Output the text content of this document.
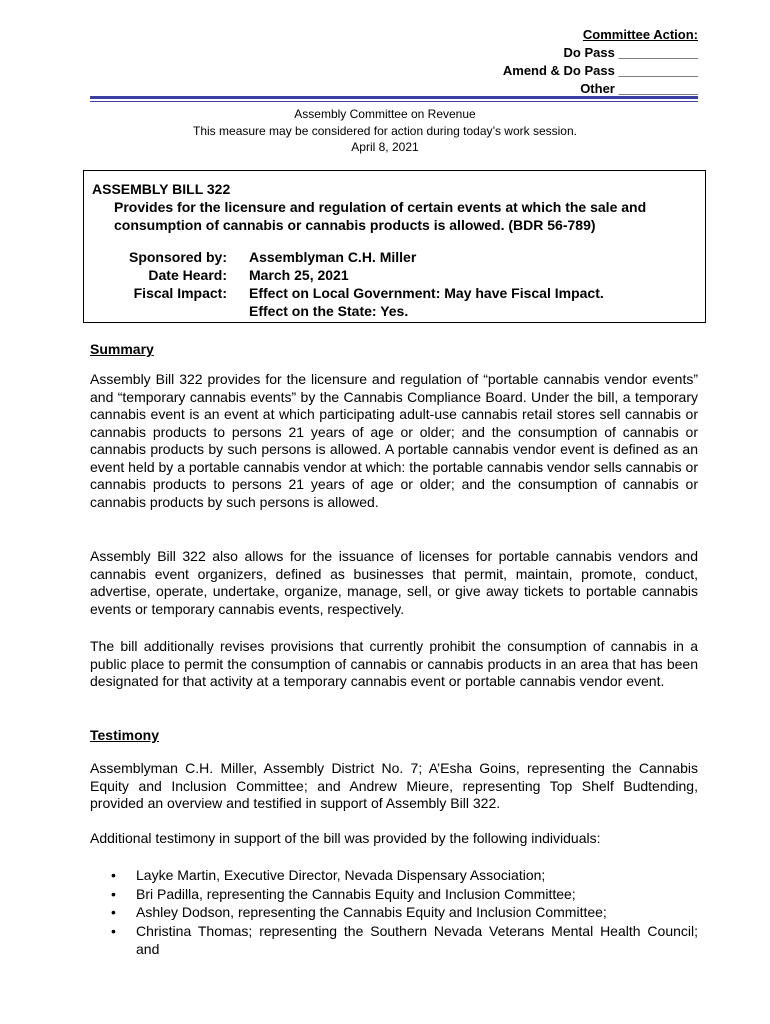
Committee Action:
Do Pass ___________
Amend & Do Pass ___________
Other ___________
Assembly Committee on Revenue
This measure may be considered for action during today’s work session.
April 8, 2021
ASSEMBLY BILL 322
Provides for the licensure and regulation of certain events at which the sale and consumption of cannabis or cannabis products is allowed. (BDR 56-789)
Sponsored by: Assemblyman C.H. Miller
Date Heard: March 25, 2021
Fiscal Impact: Effect on Local Government: May have Fiscal Impact.
Effect on the State: Yes.
Summary
Assembly Bill 322 provides for the licensure and regulation of “portable cannabis vendor events” and “temporary cannabis events” by the Cannabis Compliance Board. Under the bill, a temporary cannabis event is an event at which participating adult-use cannabis retail stores sell cannabis or cannabis products to persons 21 years of age or older; and the consumption of cannabis or cannabis products by such persons is allowed. A portable cannabis vendor event is defined as an event held by a portable cannabis vendor at which: the portable cannabis vendor sells cannabis or cannabis products to persons 21 years of age or older; and the consumption of cannabis or cannabis products by such persons is allowed.
Assembly Bill 322 also allows for the issuance of licenses for portable cannabis vendors and cannabis event organizers, defined as businesses that permit, maintain, promote, conduct, advertise, operate, undertake, organize, manage, sell, or give away tickets to portable cannabis events or temporary cannabis events, respectively.
The bill additionally revises provisions that currently prohibit the consumption of cannabis in a public place to permit the consumption of cannabis or cannabis products in an area that has been designated for that activity at a temporary cannabis event or portable cannabis vendor event.
Testimony
Assemblyman C.H. Miller, Assembly District No. 7; A’Esha Goins, representing the Cannabis Equity and Inclusion Committee; and Andrew Mieure, representing Top Shelf Budtending, provided an overview and testified in support of Assembly Bill 322.
Additional testimony in support of the bill was provided by the following individuals:
• Layke Martin, Executive Director, Nevada Dispensary Association;
• Bri Padilla, representing the Cannabis Equity and Inclusion Committee;
• Ashley Dodson, representing the Cannabis Equity and Inclusion Committee;
• Christina Thomas; representing the Southern Nevada Veterans Mental Health Council; and
